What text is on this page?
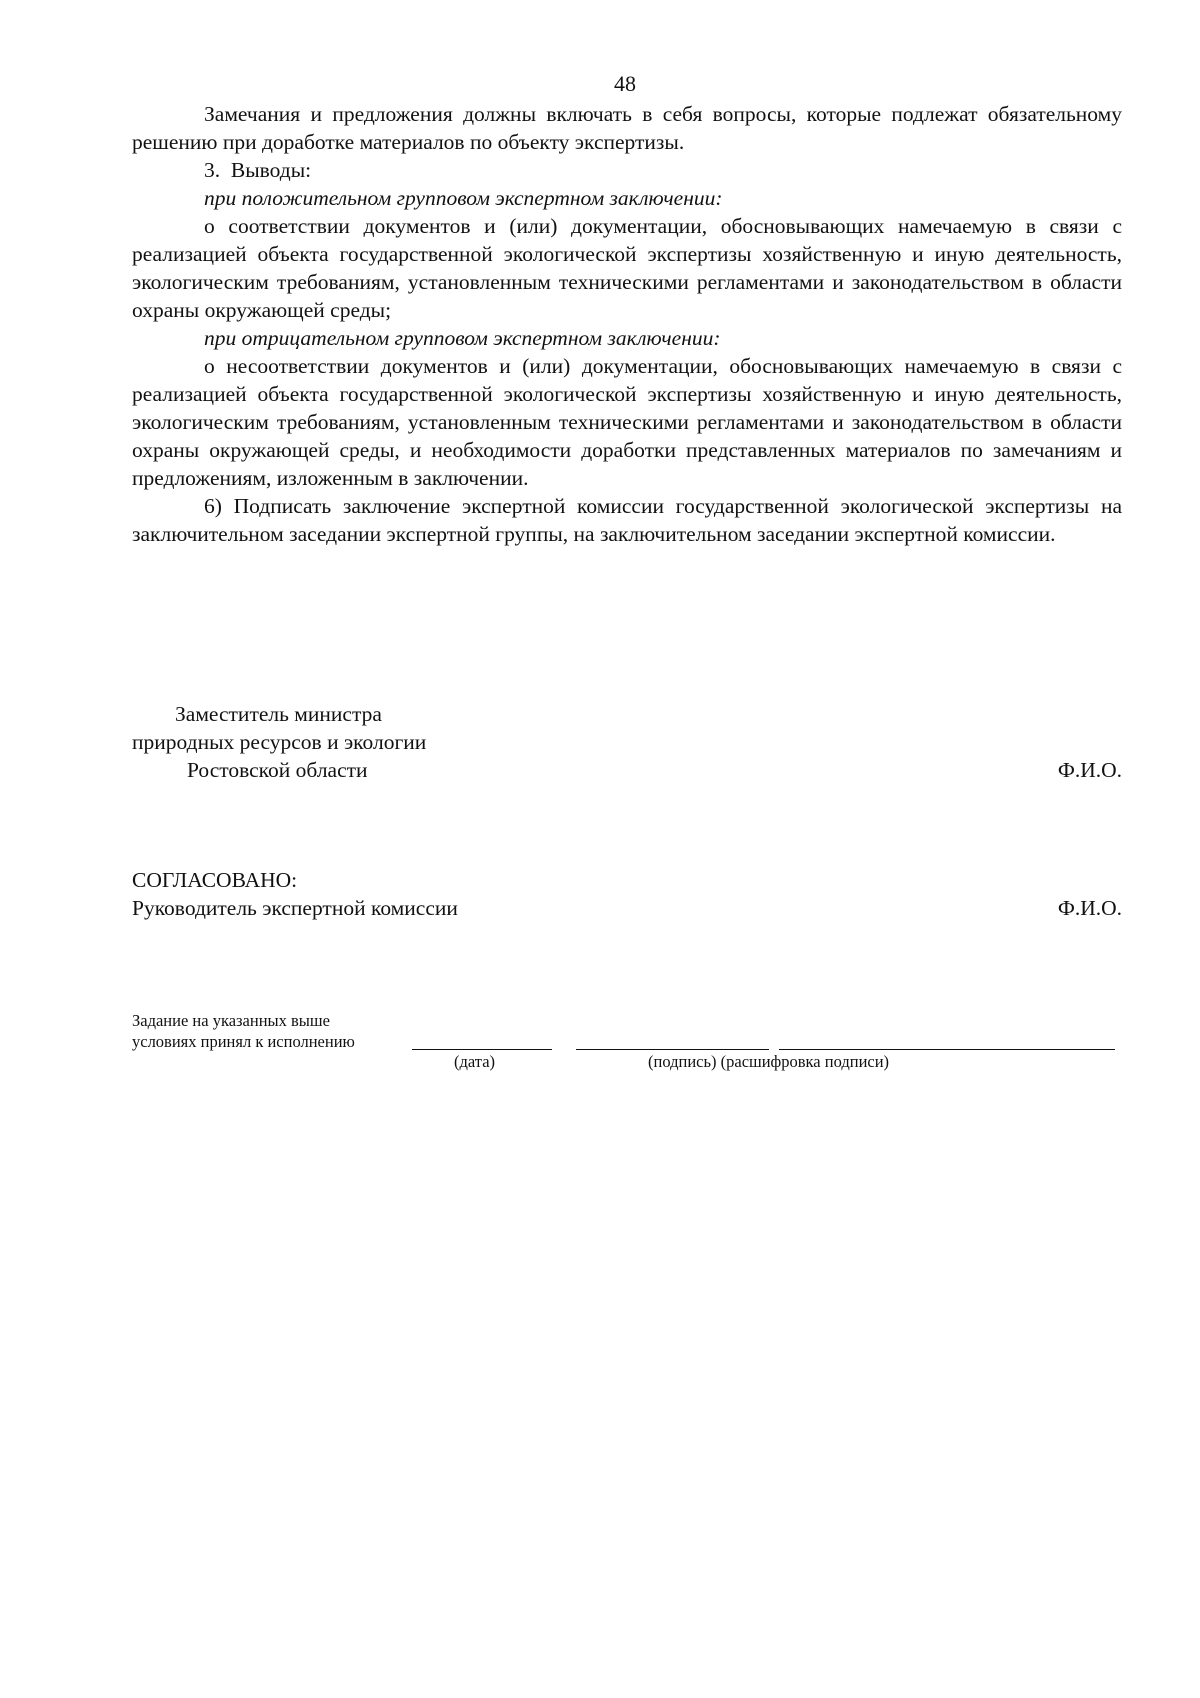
48

Замечания и предложения должны включать в себя вопросы, которые подлежат обязательному решению при доработке материалов по объекту экспертизы.

3.  Выводы:

при положительном групповом экспертном заключении:

о соответствии документов и (или) документации, обосновывающих намечаемую в связи с реализацией объекта государственной экологической экспертизы хозяйственную и иную деятельность, экологическим требованиям, установленным техническими регламентами и законодательством в области охраны окружающей среды;

при отрицательном групповом экспертном заключении:

о несоответствии документов и (или) документации, обосновывающих намечаемую в связи с реализацией объекта государственной экологической экспертизы хозяйственную и иную деятельность, экологическим требованиям, установленным техническими регламентами и законодательством в области охраны окружающей среды, и необходимости доработки представленных материалов по замечаниям и предложениям, изложенным в заключении.

6) Подписать заключение экспертной комиссии государственной экологической экспертизы на заключительном заседании экспертной группы, на заключительном заседании экспертной комиссии.

Заместитель министра
природных ресурсов и экологии
Ростовской области	Ф.И.О.
СОГЛАСОВАНО:
Руководитель экспертной комиссии	Ф.И.О.
Задание на указанных выше
условиях принял к исполнению
(дата)	(подпись) (расшифровка подписи)
